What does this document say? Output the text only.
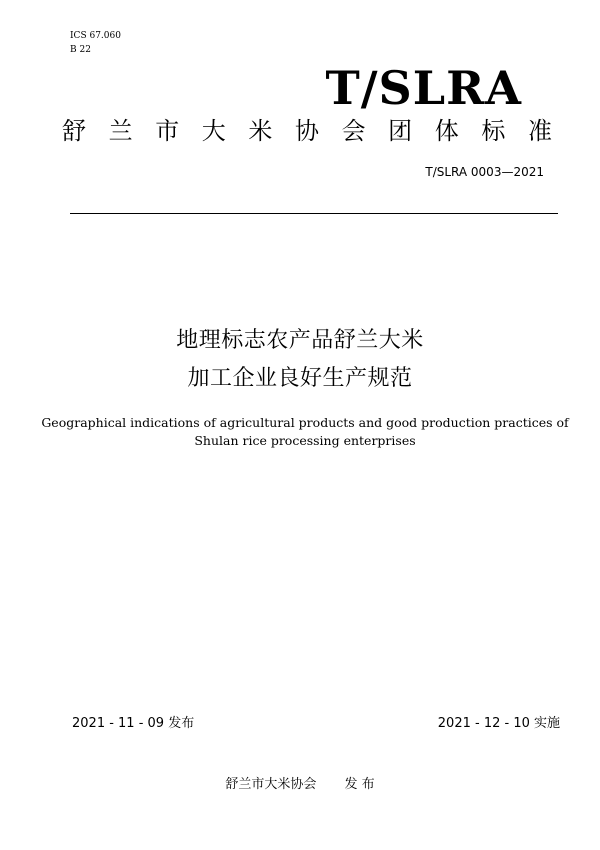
ICS 67.060
B 22
T/SLRA
舒 兰 市 大 米 协 会 团 体 标 准
T/SLRA 0003—2021
地理标志农产品舒兰大米
加工企业良好生产规范
Geographical indications of agricultural products and good production practices of
Shulan rice processing enterprises
2021 - 11 - 09 发布	2021 - 12 - 10 实施
舒兰市大米协会 发 布
